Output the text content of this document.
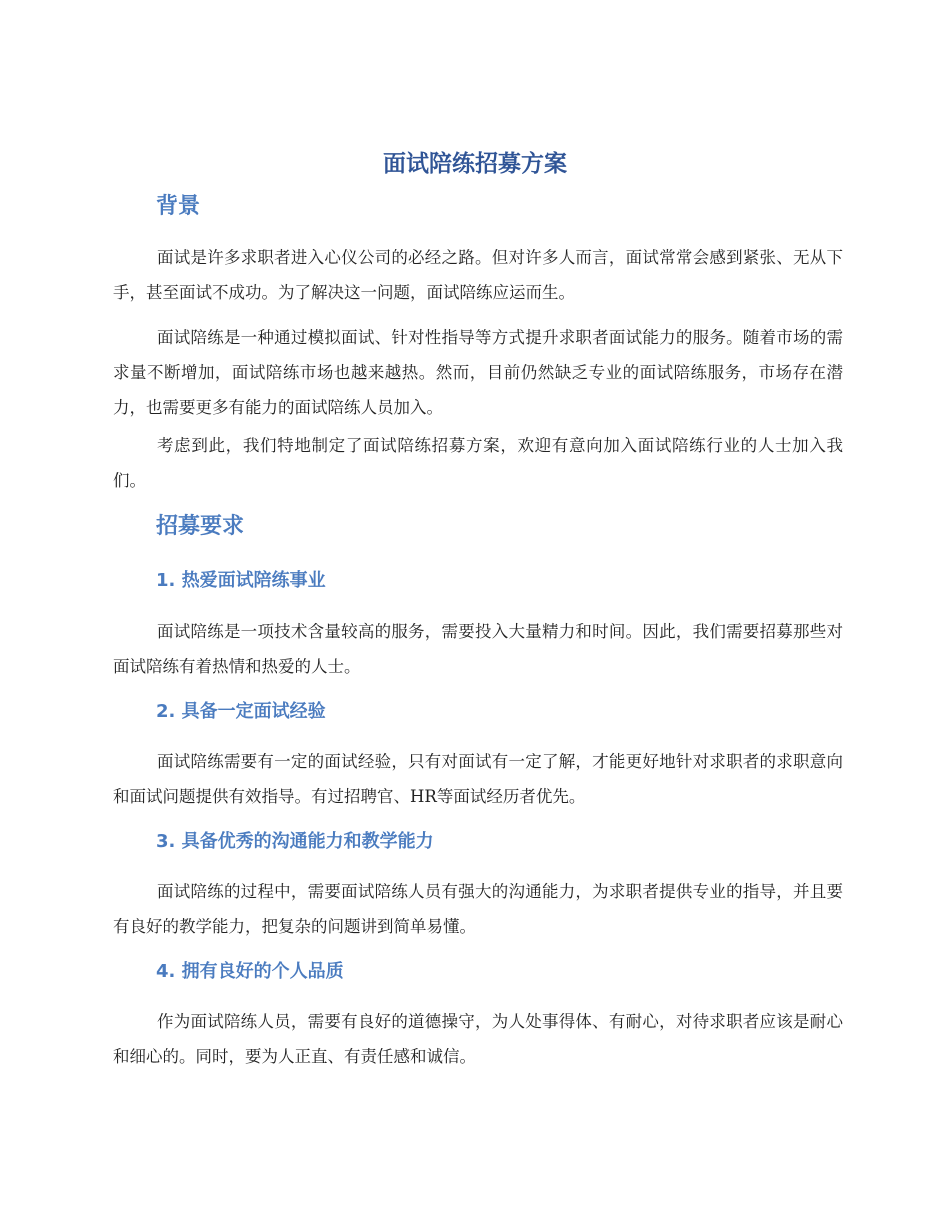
面试陪练招募方案
背景

面试是许多求职者进入心仪公司的必经之路。但对许多人而言，面试常常会感到紧张、无从下手，甚至面试不成功。为了解决这一问题，面试陪练应运而生。

面试陪练是一种通过模拟面试、针对性指导等方式提升求职者面试能力的服务。随着市场的需求量不断增加，面试陪练市场也越来越热。然而，目前仍然缺乏专业的面试陪练服务，市场存在潜力，也需要更多有能力的面试陪练人员加入。

考虑到此，我们特地制定了面试陪练招募方案，欢迎有意向加入面试陪练行业的人士加入我们。

招募要求
1. 热爱面试陪练事业

面试陪练是一项技术含量较高的服务，需要投入大量精力和时间。因此，我们需要招募那些对面试陪练有着热情和热爱的人士。

2. 具备一定面试经验

面试陪练需要有一定的面试经验，只有对面试有一定了解，才能更好地针对求职者的求职意向和面试问题提供有效指导。有过招聘官、HR等面试经历者优先。

3. 具备优秀的沟通能力和教学能力

面试陪练的过程中，需要面试陪练人员有强大的沟通能力，为求职者提供专业的指导，并且要有良好的教学能力，把复杂的问题讲到简单易懂。

4. 拥有良好的个人品质

作为面试陪练人员，需要有良好的道德操守，为人处事得体、有耐心，对待求职者应该是耐心和细心的。同时，要为人正直、有责任感和诚信。
